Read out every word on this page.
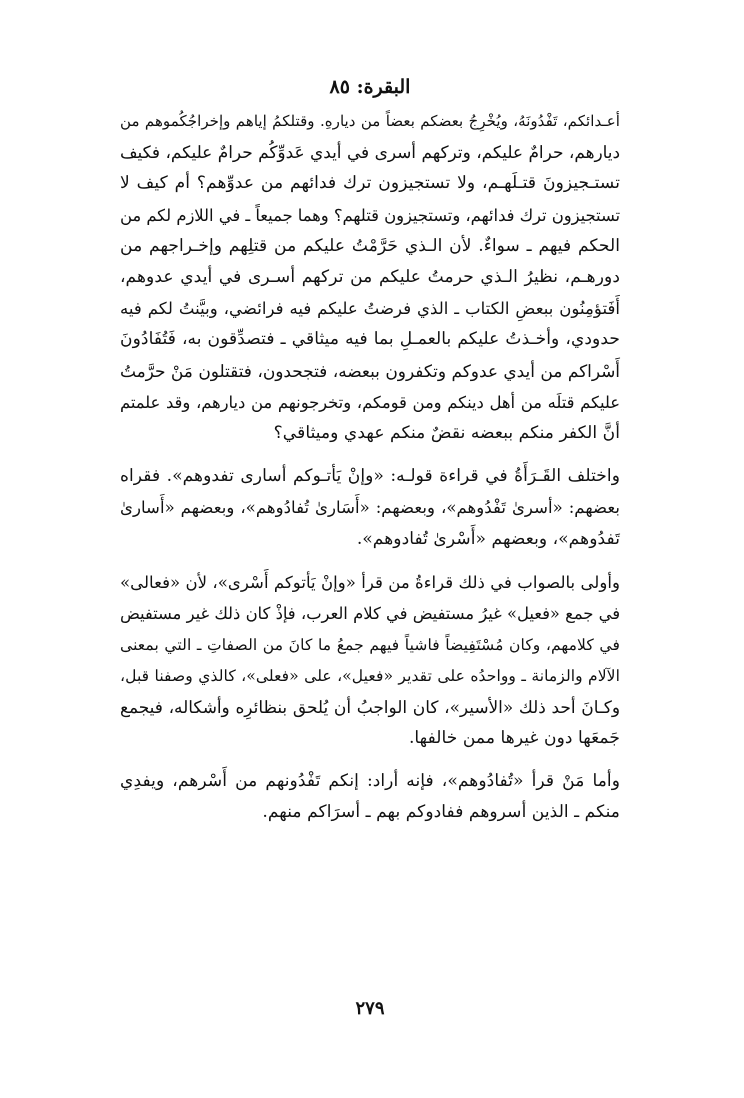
البقرة: ٨٥

أعـدائكم، تَفْدُونَهُ، ويُخْرِجُ بعضكم بعضاً من ديارهِ. وقتلكمُ إياهم وإخراجُكُموهم من
ديارهم، حرامٌ عليكم، وتركهم أسرى في أيدي عَدوِّكُم حرامٌ عليكم، فكيف
تستـجيزونَ قتـلَهـم، ولا تستجيزون ترك فدائهم من عدوِّهم؟ أم كيف لا
تستجيزون ترك فدائهم، وتستجيزون قتلهم؟ وهما جميعاً ـ في اللازم لكم من
الحكم فيهم ـ سواءٌ. لأن الـذي حَرَّمْتُ عليكم من قتلِهم وإخـراجهم من
دورهـم، نظيرُ الـذي حرمتُ عليكم من تركهم أسـرى في أيدي عدوهم،
أَفَتؤمِنُون ببعضِ الكتاب ـ الذي فرضتُ عليكم فيه فرائضي، وبيَّنتُ لكم فيه
حدودي، وأخـذتُ عليكم بالعمـلِ بما فيه ميثاقي ـ فتصدِّقون به، فَتُفَادُونَ
أَسْراكم من أيدي عدوكم وتكفرون ببعضه، فتجحدون، فتقتلون مَنْ حرَّمتُ
عليكم قتلَه من أهل دينكم ومن قومكم، وتخرجونهم من ديارهم، وقد علمتم
أنَّ الكفر منكم ببعضه نقضٌ منكم عهدي وميثاقي؟

واختلف القَـرَأَةُ في قراءة قولـه: «وإنْ يَأتـوكم أسارى تفدوهم». فقراه
بعضهم: «أسرىٰ تَفْدُوهم»، وبعضهم: «أَسَارىٰ تُفادُوهم»، وبعضهم «أَسارىٰ
تَفدُوهم»، وبعضهم «أَسْرىٰ تُفادوهم».

وأولى بالصواب في ذلك قراءةُ من قرأ «وإنْ يَأتوكم أَسْرى»، لأن «فعالى»
في جمع «فعيل» غيرُ مستفيض في كلام العرب، فإذْ كان ذلك غير مستفيض
في كلامهم، وكان مُسْتَفِيضاً فاشياً فيهم جمعُ ما كانَ من الصفاتِ ـ التي بمعنى
الآلام والزمانة ـ وواحدُه على تقدير «فعيل»، على «فعلى»، كالذي وصفنا قبل،
وكـانَ أحد ذلك «الأسير»، كان الواجبُ أن يُلحق بنظائرِه وأشكاله، فيجمع
جَمعَها دون غيرها ممن خالفها.

وأما مَنْ قرأ «تُفادُوهم»، فإنه أراد: إنكم تَفْدُونهم من أَسْرهم، ويفدِي
منكم ـ الذين أسروهم ففادوكم بهم ـ أسرَاكم منهم.

٢٧٩
